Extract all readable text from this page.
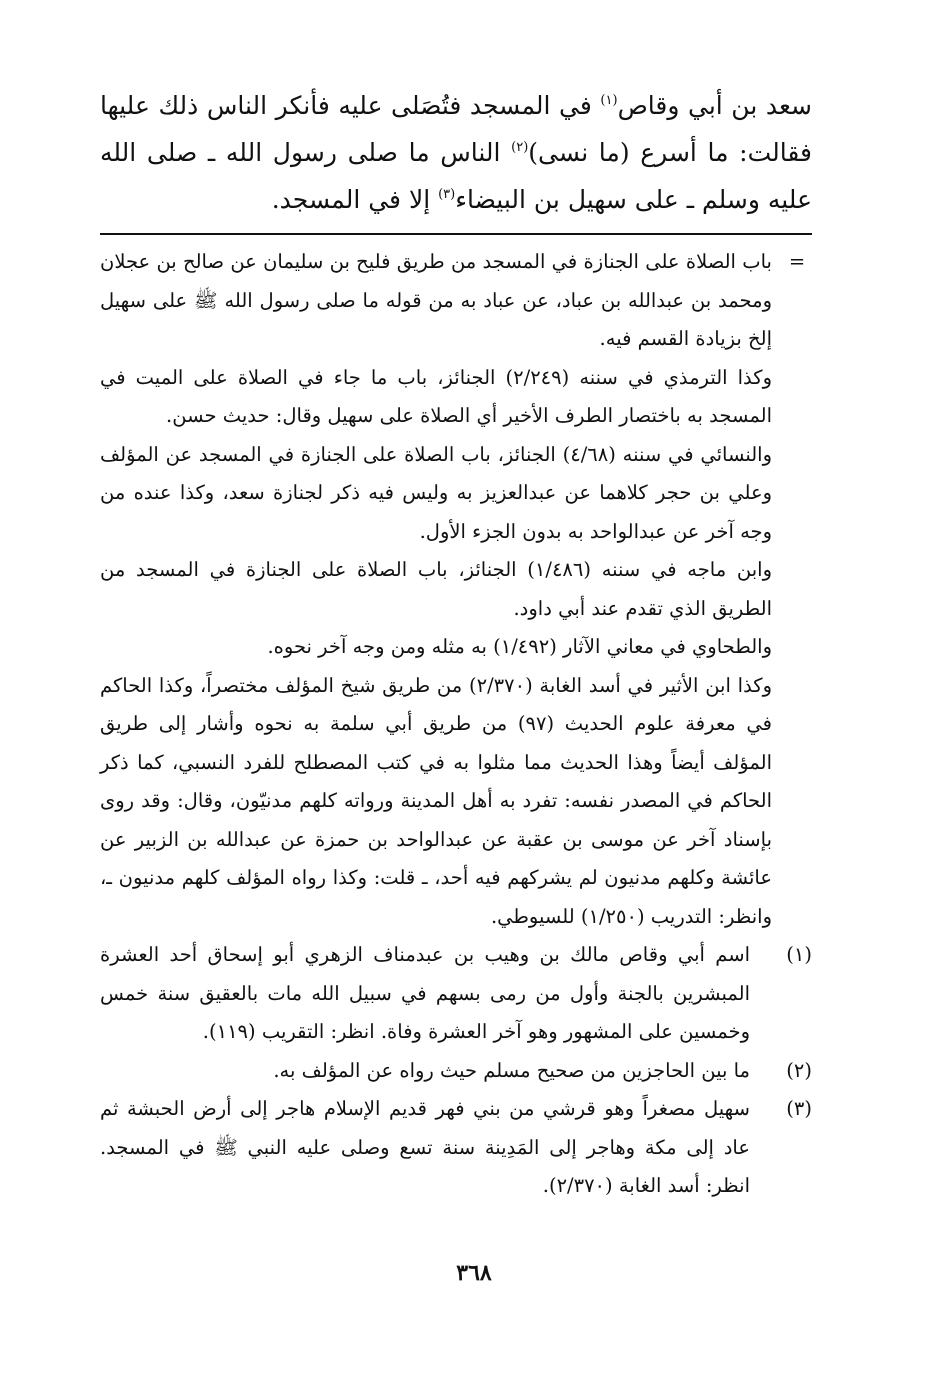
سعد بن أبي وقاص$^{(١)}$ في المسجد فتُصَلى عليه فأنكر الناس ذلك عليها فقالت: ما أسرع (ما نسى)$^{(٢)}$ الناس ما صلى رسول الله ـ صلى الله عليه وسلم ـ على سهيل بن البيضاء$^{(٣)}$ إلا في المسجد.

=

باب الصلاة على الجنازة في المسجد من طريق فليح بن سليمان عن صالح بن عجلان ومحمد بن عبدالله بن عباد، عن عباد به من قوله ما صلى رسول الله ﷺ على سهيل إلخ بزيادة القسم فيه.

وكذا الترمذي في سننه (٢/٢٤٩) الجنائز، باب ما جاء في الصلاة على الميت في المسجد به باختصار الطرف الأخير أي الصلاة على سهيل وقال: حديث حسن.

والنسائي في سننه (٤/٦٨) الجنائز، باب الصلاة على الجنازة في المسجد عن المؤلف وعلي بن حجر كلاهما عن عبدالعزيز به وليس فيه ذكر لجنازة سعد، وكذا عنده من وجه آخر عن عبدالواحد به بدون الجزء الأول.

وابن ماجه في سننه (١/٤٨٦) الجنائز، باب الصلاة على الجنازة في المسجد من الطريق الذي تقدم عند أبي داود.

والطحاوي في معاني الآثار (١/٤٩٢) به مثله ومن وجه آخر نحوه.

وكذا ابن الأثير في أسد الغابة (٢/٣٧٠) من طريق شيخ المؤلف مختصراً، وكذا الحاكم في معرفة علوم الحديث (٩٧) من طريق أبي سلمة به نحوه وأشار إلى طريق المؤلف أيضاً وهذا الحديث مما مثلوا به في كتب المصطلح للفرد النسبي، كما ذكر الحاكم في المصدر نفسه: تفرد به أهل المدينة ورواته كلهم مدنيّون، وقال: وقد روى بإسناد آخر عن موسى بن عقبة عن عبدالواحد بن حمزة عن عبدالله بن الزبير عن عائشة وكلهم مدنيون لم يشركهم فيه أحد، ـ قلت: وكذا رواه المؤلف كلهم مدنيون ـ، وانظر: التدريب (١/٢٥٠) للسيوطي.

(١)

اسم أبي وقاص مالك بن وهيب بن عبدمناف الزهري أبو إسحاق أحد العشرة المبشرين بالجنة وأول من رمى بسهم في سبيل الله مات بالعقيق سنة خمس وخمسين على المشهور وهو آخر العشرة وفاة. انظر: التقريب (١١٩).

(٢)

ما بين الحاجزين من صحيح مسلم حيث رواه عن المؤلف به.

(٣)

سهيل مصغراً وهو قرشي من بني فهر قديم الإسلام هاجر إلى أرض الحبشة ثم عاد إلى مكة وهاجر إلى المَدِينة سنة تسع وصلى عليه النبي ﷺ في المسجد. انظر: أسد الغابة (٢/٣٧٠).

٣٦٨
